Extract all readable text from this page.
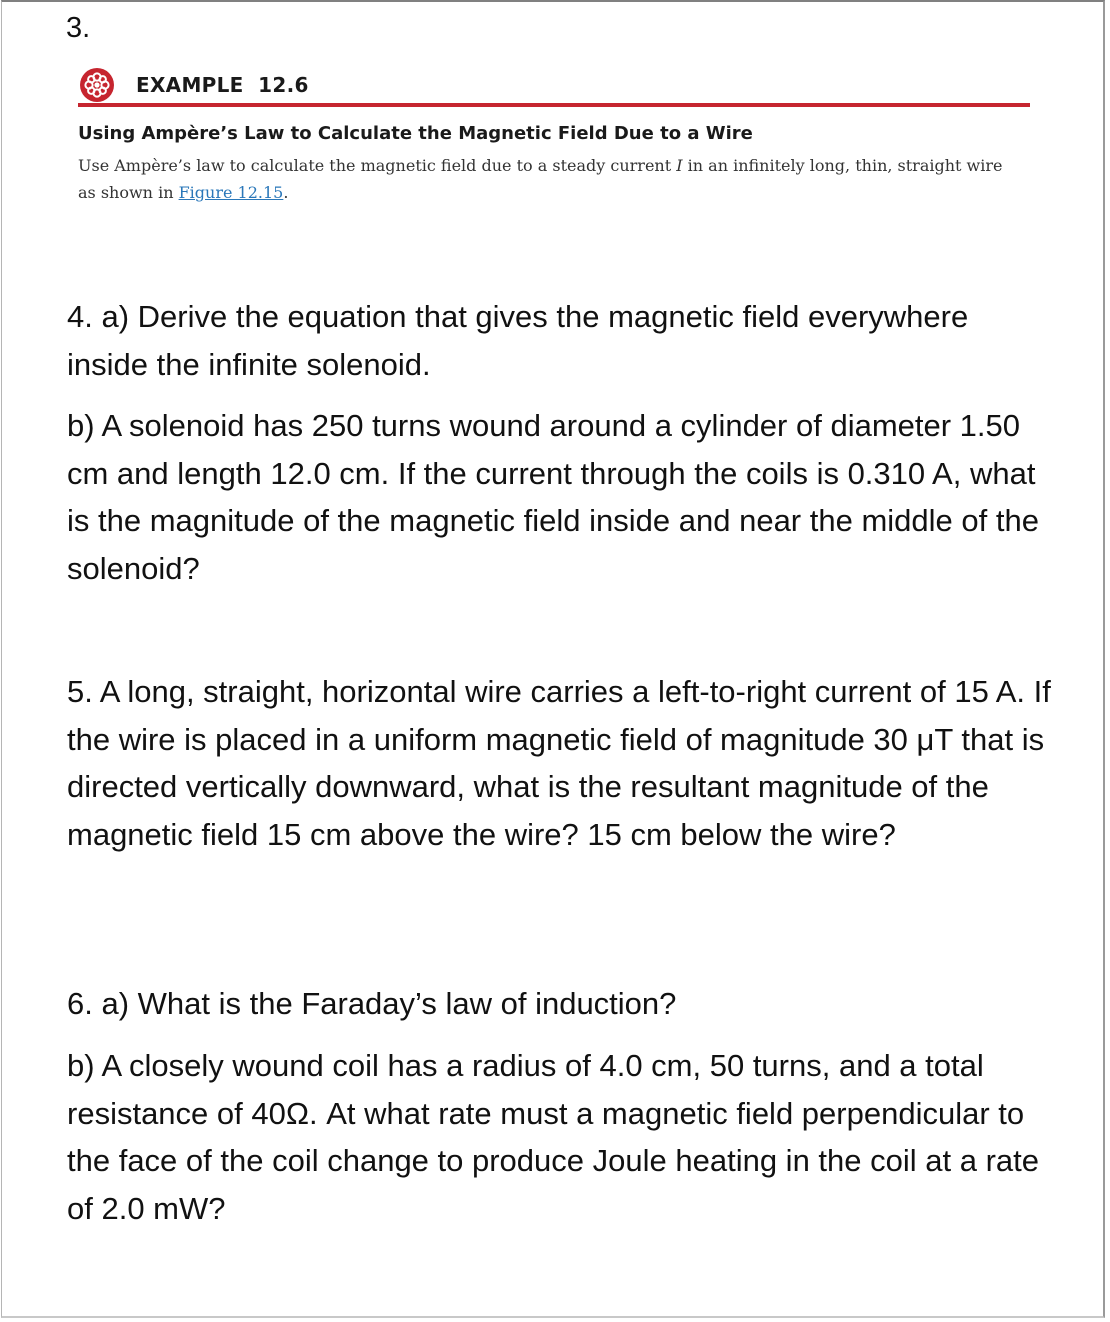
3.
EXAMPLE 12.6
Using Ampère’s Law to Calculate the Magnetic Field Due to a Wire
Use Ampère’s law to calculate the magnetic field due to a steady current I in an infinitely long, thin, straight wire as shown in Figure 12.15.

4. a) Derive the equation that gives the magnetic field everywhere inside the infinite solenoid.

b) A solenoid has 250 turns wound around a cylinder of diameter 1.50 cm and length 12.0 cm. If the current through the coils is 0.310 A, what is the magnitude of the magnetic field inside and near the middle of the solenoid?

5. A long, straight, horizontal wire carries a left-to-right current of 15 A. If the wire is placed in a uniform magnetic field of magnitude 30 μT that is directed vertically downward, what is the resultant magnitude of the magnetic field 15 cm above the wire? 15 cm below the wire?

6. a) What is the Faraday’s law of induction?

b) A closely wound coil has a radius of 4.0 cm, 50 turns, and a total resistance of 40Ω. At what rate must a magnetic field perpendicular to the face of the coil change to produce Joule heating in the coil at a rate of 2.0 mW?
